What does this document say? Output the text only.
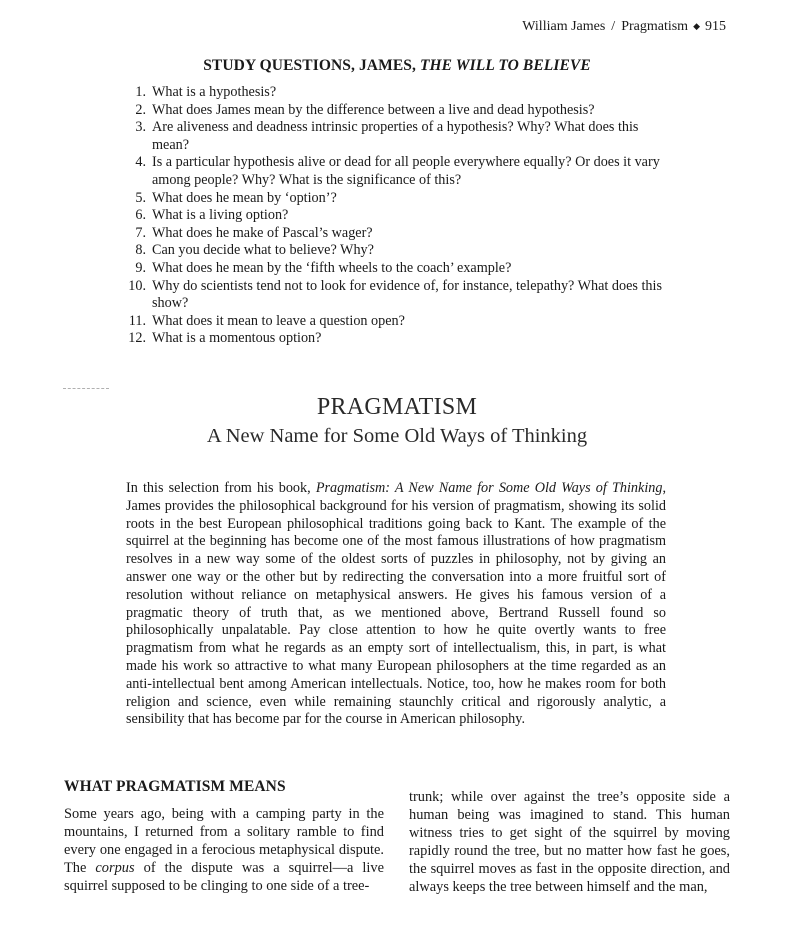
William James / Pragmatism ◆ 915
STUDY QUESTIONS, JAMES, THE WILL TO BELIEVE
1. What is a hypothesis?
2. What does James mean by the difference between a live and dead hypothesis?
3. Are aliveness and deadness intrinsic properties of a hypothesis? Why? What does this mean?
4. Is a particular hypothesis alive or dead for all people everywhere equally? Or does it vary among people? Why? What is the significance of this?
5. What does he mean by ‘option’?
6. What is a living option?
7. What does he make of Pascal’s wager?
8. Can you decide what to believe? Why?
9. What does he mean by the ‘fifth wheels to the coach’ example?
10. Why do scientists tend not to look for evidence of, for instance, telepathy? What does this show?
11. What does it mean to leave a question open?
12. What is a momentous option?
PRAGMATISM
A New Name for Some Old Ways of Thinking

In this selection from his book, Pragmatism: A New Name for Some Old Ways of Thinking, James provides the philosophical background for his version of pragmatism, showing its solid roots in the best European philosophical traditions going back to Kant. The example of the squirrel at the beginning has become one of the most famous illustrations of how pragmatism resolves in a new way some of the oldest sorts of puzzles in philosophy, not by giving an answer one way or the other but by redirecting the conversation into a more fruitful sort of resolution without reliance on metaphysical answers. He gives his famous version of a pragmatic theory of truth that, as we mentioned above, Bertrand Russell found so philosophically unpalatable. Pay close attention to how he quite overtly wants to free pragmatism from what he regards as an empty sort of intellectualism, this, in part, is what made his work so attractive to what many European philosophers at the time regarded as an anti-intellectual bent among American intellectuals. Notice, too, how he makes room for both religion and science, even while remaining staunchly critical and rigorously analytic, a sensibility that has become par for the course in American philosophy.

WHAT PRAGMATISM MEANS

Some years ago, being with a camping party in the mountains, I returned from a solitary ramble to find every one engaged in a ferocious metaphysical dispute. The corpus of the dispute was a squirrel—a live squirrel supposed to be clinging to one side of a tree-

trunk; while over against the tree’s opposite side a human being was imagined to stand. This human witness tries to get sight of the squirrel by moving rapidly round the tree, but no matter how fast he goes, the squirrel moves as fast in the opposite direction, and always keeps the tree between himself and the man,
